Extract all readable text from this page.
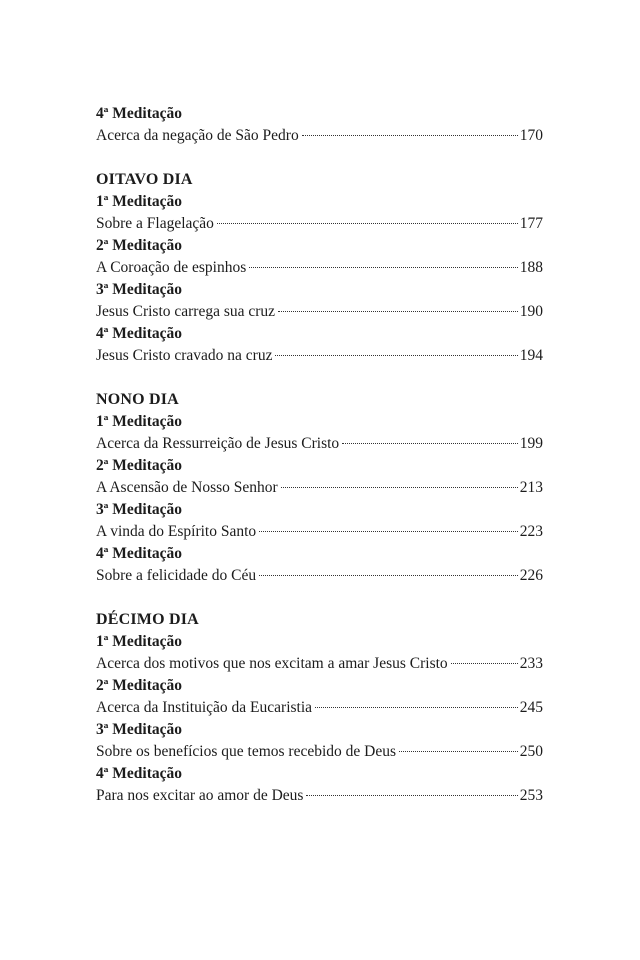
4ª Meditação
Acerca da negação de São Pedro	170
OITAVO DIA
1ª Meditação
Sobre a Flagelação	177
2ª Meditação
A Coroação de espinhos	188
3ª Meditação
Jesus Cristo carrega sua cruz	190
4ª Meditação
Jesus Cristo cravado na cruz	194
NONO DIA
1ª Meditação
Acerca da Ressurreição de Jesus Cristo	199
2ª Meditação
A Ascensão de Nosso Senhor	213
3ª Meditação
A vinda do Espírito Santo	223
4ª Meditação
Sobre a felicidade do Céu	226
DÉCIMO DIA
1ª Meditação
Acerca dos motivos que nos excitam a amar Jesus Cristo	233
2ª Meditação
Acerca da Instituição da Eucaristia	245
3ª Meditação
Sobre os benefícios que temos recebido de Deus	250
4ª Meditação
Para nos excitar ao amor de Deus	253
